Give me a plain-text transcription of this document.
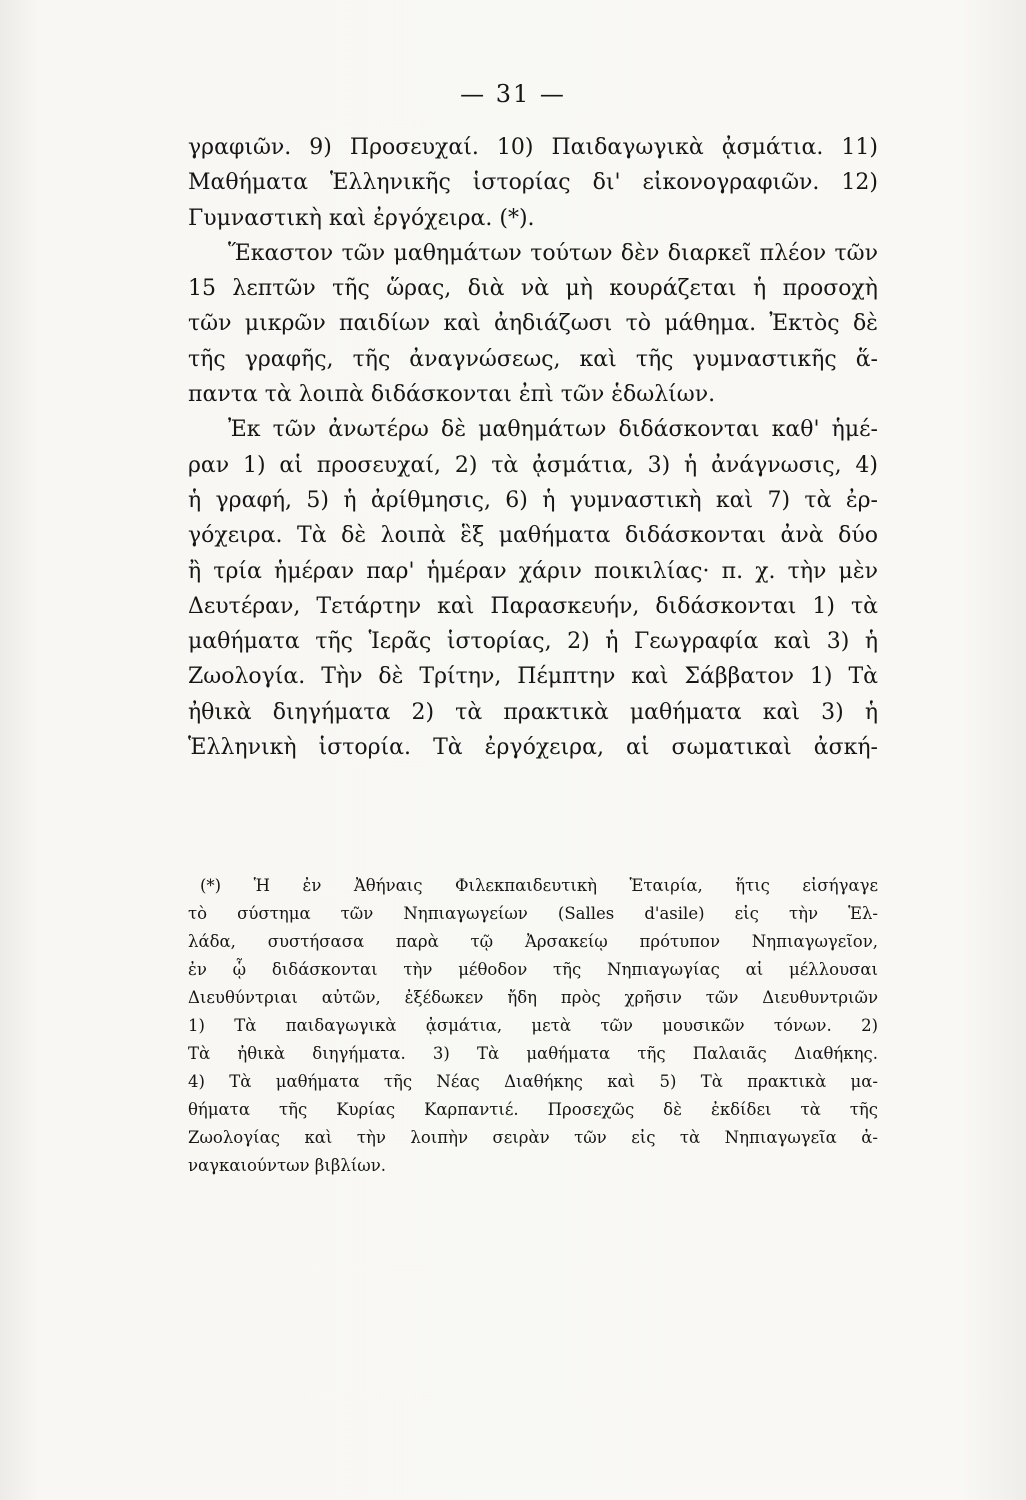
— 31 —
γραφιῶν. 9) Προσευχαί. 10) Παιδαγωγικὰ ᾀσμάτια. 11)
Μαθήματα Ἑλληνικῆς ἱστορίας δι' εἰκονογραφιῶν. 12)
Γυμναστικὴ καὶ ἐργόχειρα. (*).
Ἕκαστον τῶν μαθημάτων τούτων δὲν διαρκεῖ πλέον τῶν
15 λεπτῶν τῆς ὥρας, διὰ νὰ μὴ κουράζεται ἡ προσοχὴ
τῶν μικρῶν παιδίων καὶ ἀηδιάζωσι τὸ μάθημα. Ἐκτὸς δὲ
τῆς γραφῆς, τῆς ἀναγνώσεως, καὶ τῆς γυμναστικῆς ἅ-
παντα τὰ λοιπὰ διδάσκονται ἐπὶ τῶν ἑδωλίων.
Ἐκ τῶν ἀνωτέρω δὲ μαθημάτων διδάσκονται καθ' ἡμέ-
ραν 1) αἱ προσευχαί, 2) τὰ ᾀσμάτια, 3) ἡ ἀνάγνωσις, 4)
ἡ γραφή, 5) ἡ ἀρίθμησις, 6) ἡ γυμναστικὴ καὶ 7) τὰ ἐρ-
γόχειρα. Τὰ δὲ λοιπὰ ἓξ μαθήματα διδάσκονται ἀνὰ δύο
ἢ τρία ἡμέραν παρ' ἡμέραν χάριν ποικιλίας· π. χ. τὴν μὲν
Δευτέραν, Τετάρτην καὶ Παρασκευήν, διδάσκονται 1) τὰ
μαθήματα τῆς Ἱερᾶς ἱστορίας, 2) ἡ Γεωγραφία καὶ 3) ἡ
Ζωολογία. Τὴν δὲ Τρίτην, Πέμπτην καὶ Σάββατον 1) Τὰ
ἠθικὰ διηγήματα 2) τὰ πρακτικὰ μαθήματα καὶ 3) ἡ
Ἑλληνικὴ ἱστορία. Τὰ ἐργόχειρα, αἱ σωματικαὶ ἀσκή-
(*) Ἡ ἐν Ἀθήναις Φιλεκπαιδευτικὴ Ἑταιρία, ἥτις εἰσήγαγε
τὸ σύστημα τῶν Νηπιαγωγείων (Salles d'asile) εἰς τὴν Ἑλ-
λάδα, συστήσασα παρὰ τῷ Ἀρσακείῳ πρότυπον Νηπιαγωγεῖον,
ἐν ᾧ διδάσκονται τὴν μέθοδον τῆς Νηπιαγωγίας αἱ μέλλουσαι
Διευθύντριαι αὐτῶν, ἐξέδωκεν ἤδη πρὸς χρῆσιν τῶν Διευθυντριῶν
1) Τὰ παιδαγωγικὰ ᾀσμάτια, μετὰ τῶν μουσικῶν τόνων. 2)
Τὰ ἠθικὰ διηγήματα. 3) Τὰ μαθήματα τῆς Παλαιᾶς Διαθήκης.
4) Τὰ μαθήματα τῆς Νέας Διαθήκης καὶ 5) Τὰ πρακτικὰ μα-
θήματα τῆς Κυρίας Καρπαντιέ. Προσεχῶς δὲ ἐκδίδει τὰ τῆς
Ζωολογίας καὶ τὴν λοιπὴν σειρὰν τῶν εἰς τὰ Νηπιαγωγεῖα ἀ-
ναγκαιούντων βιβλίων.
